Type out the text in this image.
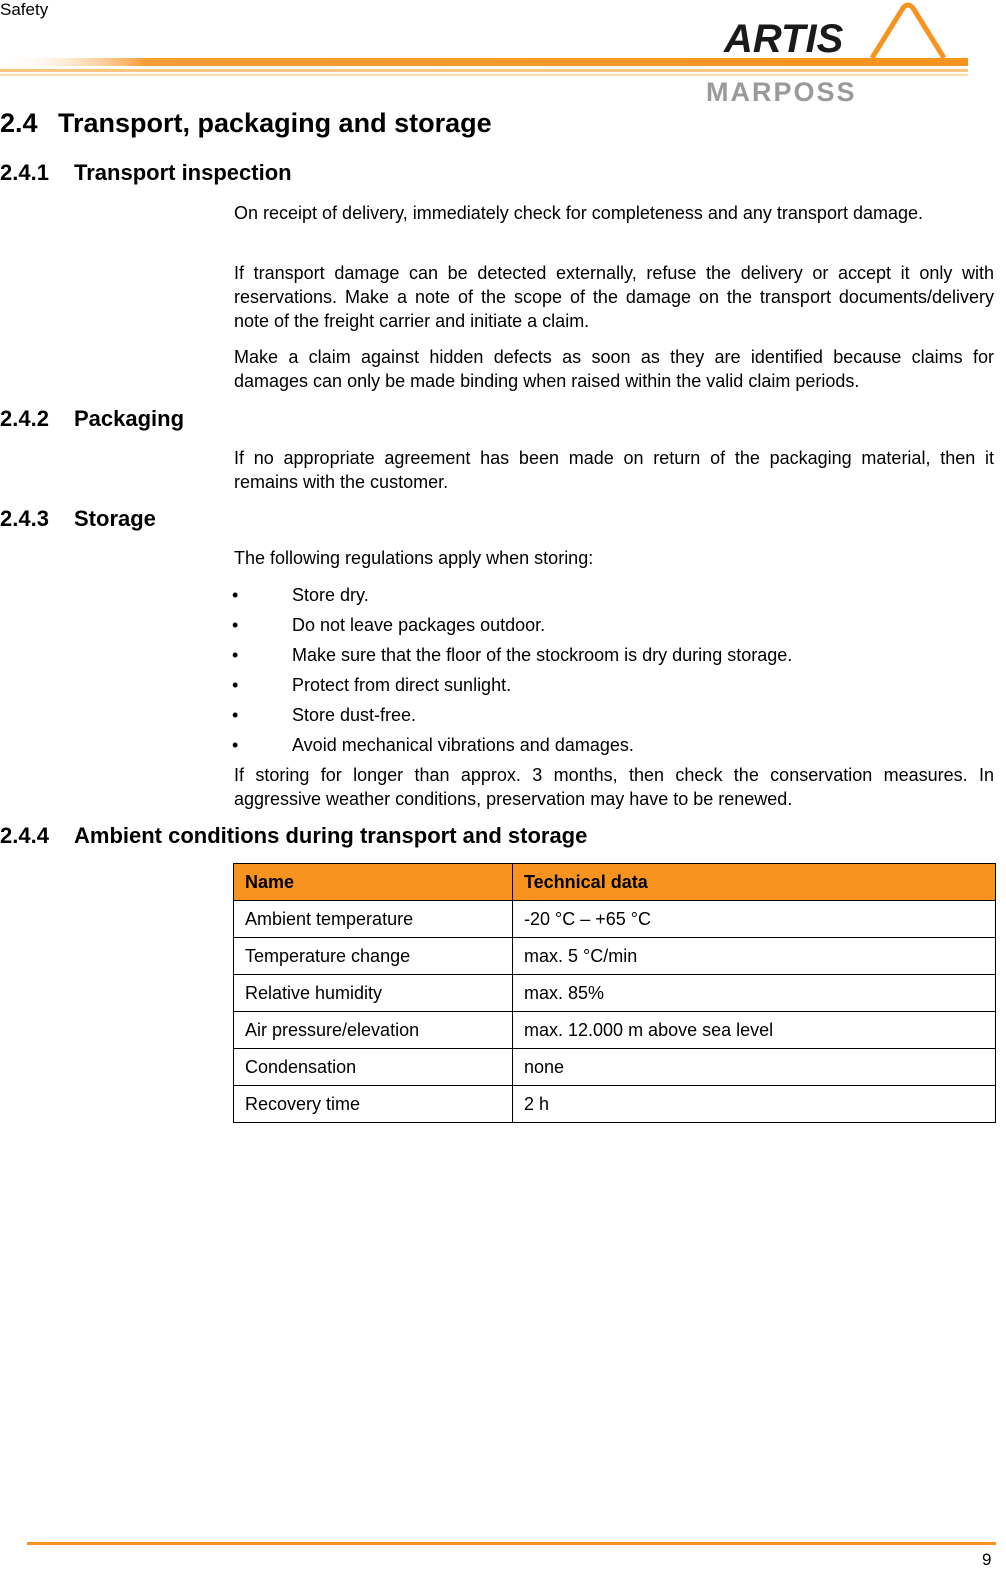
Safety
ARTIS
MARPOSS
2.4 Transport, packaging and storage
2.4.1 Transport inspection

On receipt of delivery, immediately check for completeness and any transport damage.

If transport damage can be detected externally, refuse the delivery or accept it only with reservations. Make a note of the scope of the damage on the transport documents/delivery note of the freight carrier and initiate a claim.

Make a claim against hidden defects as soon as they are identified because claims for damages can only be made binding when raised within the valid claim periods.

2.4.2 Packaging

If no appropriate agreement has been made on return of the packaging material, then it remains with the customer.

2.4.3 Storage

The following regulations apply when storing:

•	Store dry.

•	Do not leave packages outdoor.

•	Make sure that the floor of the stockroom is dry during storage.

•	Protect from direct sunlight.

•	Store dust-free.

•	Avoid mechanical vibrations and damages.

If storing for longer than approx. 3 months, then check the conservation measures. In aggressive weather conditions, preservation may have to be renewed.

2.4.4 Ambient conditions during transport and storage
Name	Technical data
Ambient temperature	-20 °C – +65 °C
Temperature change	max. 5 °C/min
Relative humidity	max. 85%
Air pressure/elevation	max. 12.000 m above sea level
Condensation	none
Recovery time	2 h
9
